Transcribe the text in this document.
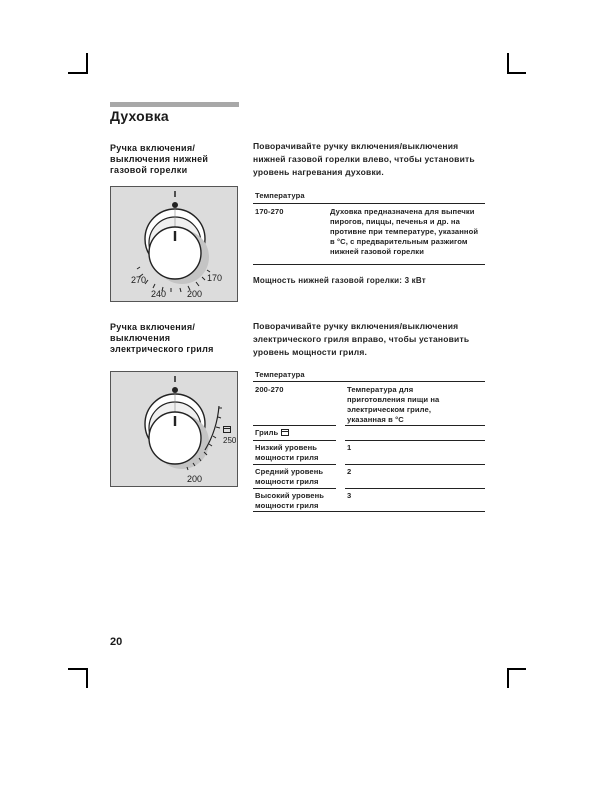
Духовка
Ручка включения/ выключения нижней газовой горелки
Поворачивайте ручку включения/выключения нижней газовой горелки влево, чтобы установить уровень нагревания духовки.
270
240 200
170
Температура
170-270	Духовка предназначена для выпечки пирогов, пиццы, печенья и др. на противне при температуре, указанной в °C, с предварительным разжигом нижней газовой горелки
Мощность нижней газовой горелки: 3 кВт
Ручка включения/ выключения электрического гриля
Поворачивайте ручку включения/выключения электрического гриля вправо, чтобы установить уровень мощности гриля.
250
200
Температура
200-270	Температура для приготовления пищи на электрическом гриле, указанная в °C
Гриль
Низкий уровень мощности гриля
1
Средний уровень мощности гриля
2
Высокий уровень мощности гриля
3
20
